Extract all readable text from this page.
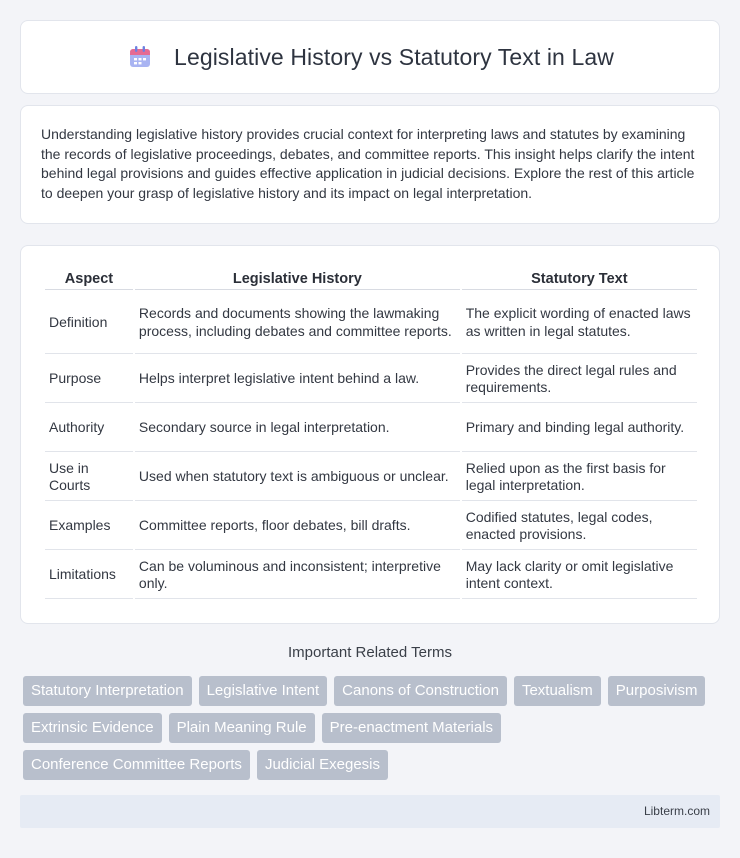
Legislative History vs Statutory Text in Law

Understanding legislative history provides crucial context for interpreting laws and statutes by examining the records of legislative proceedings, debates, and committee reports. This insight helps clarify the intent behind legal provisions and guides effective application in judicial decisions. Explore the rest of this article to deepen your grasp of legislative history and its impact on legal interpretation.

Aspect	Legislative History	Statutory Text
Definition	Records and documents showing the lawmaking process, including debates and committee reports.	The explicit wording of enacted laws as written in legal statutes.
Purpose	Helps interpret legislative intent behind a law.	Provides the direct legal rules and requirements.
Authority	Secondary source in legal interpretation.	Primary and binding legal authority.
Use in Courts	Used when statutory text is ambiguous or unclear.	Relied upon as the first basis for legal interpretation.
Examples	Committee reports, floor debates, bill drafts.	Codified statutes, legal codes, enacted provisions.
Limitations	Can be voluminous and inconsistent; interpretive only.	May lack clarity or omit legislative intent context.
Important Related Terms
Statutory Interpretation	Legislative Intent	Canons of Construction	Textualism	Purposivism
Extrinsic Evidence	Plain Meaning Rule	Pre-enactment Materials
Conference Committee Reports	Judicial Exegesis
Libterm.com
